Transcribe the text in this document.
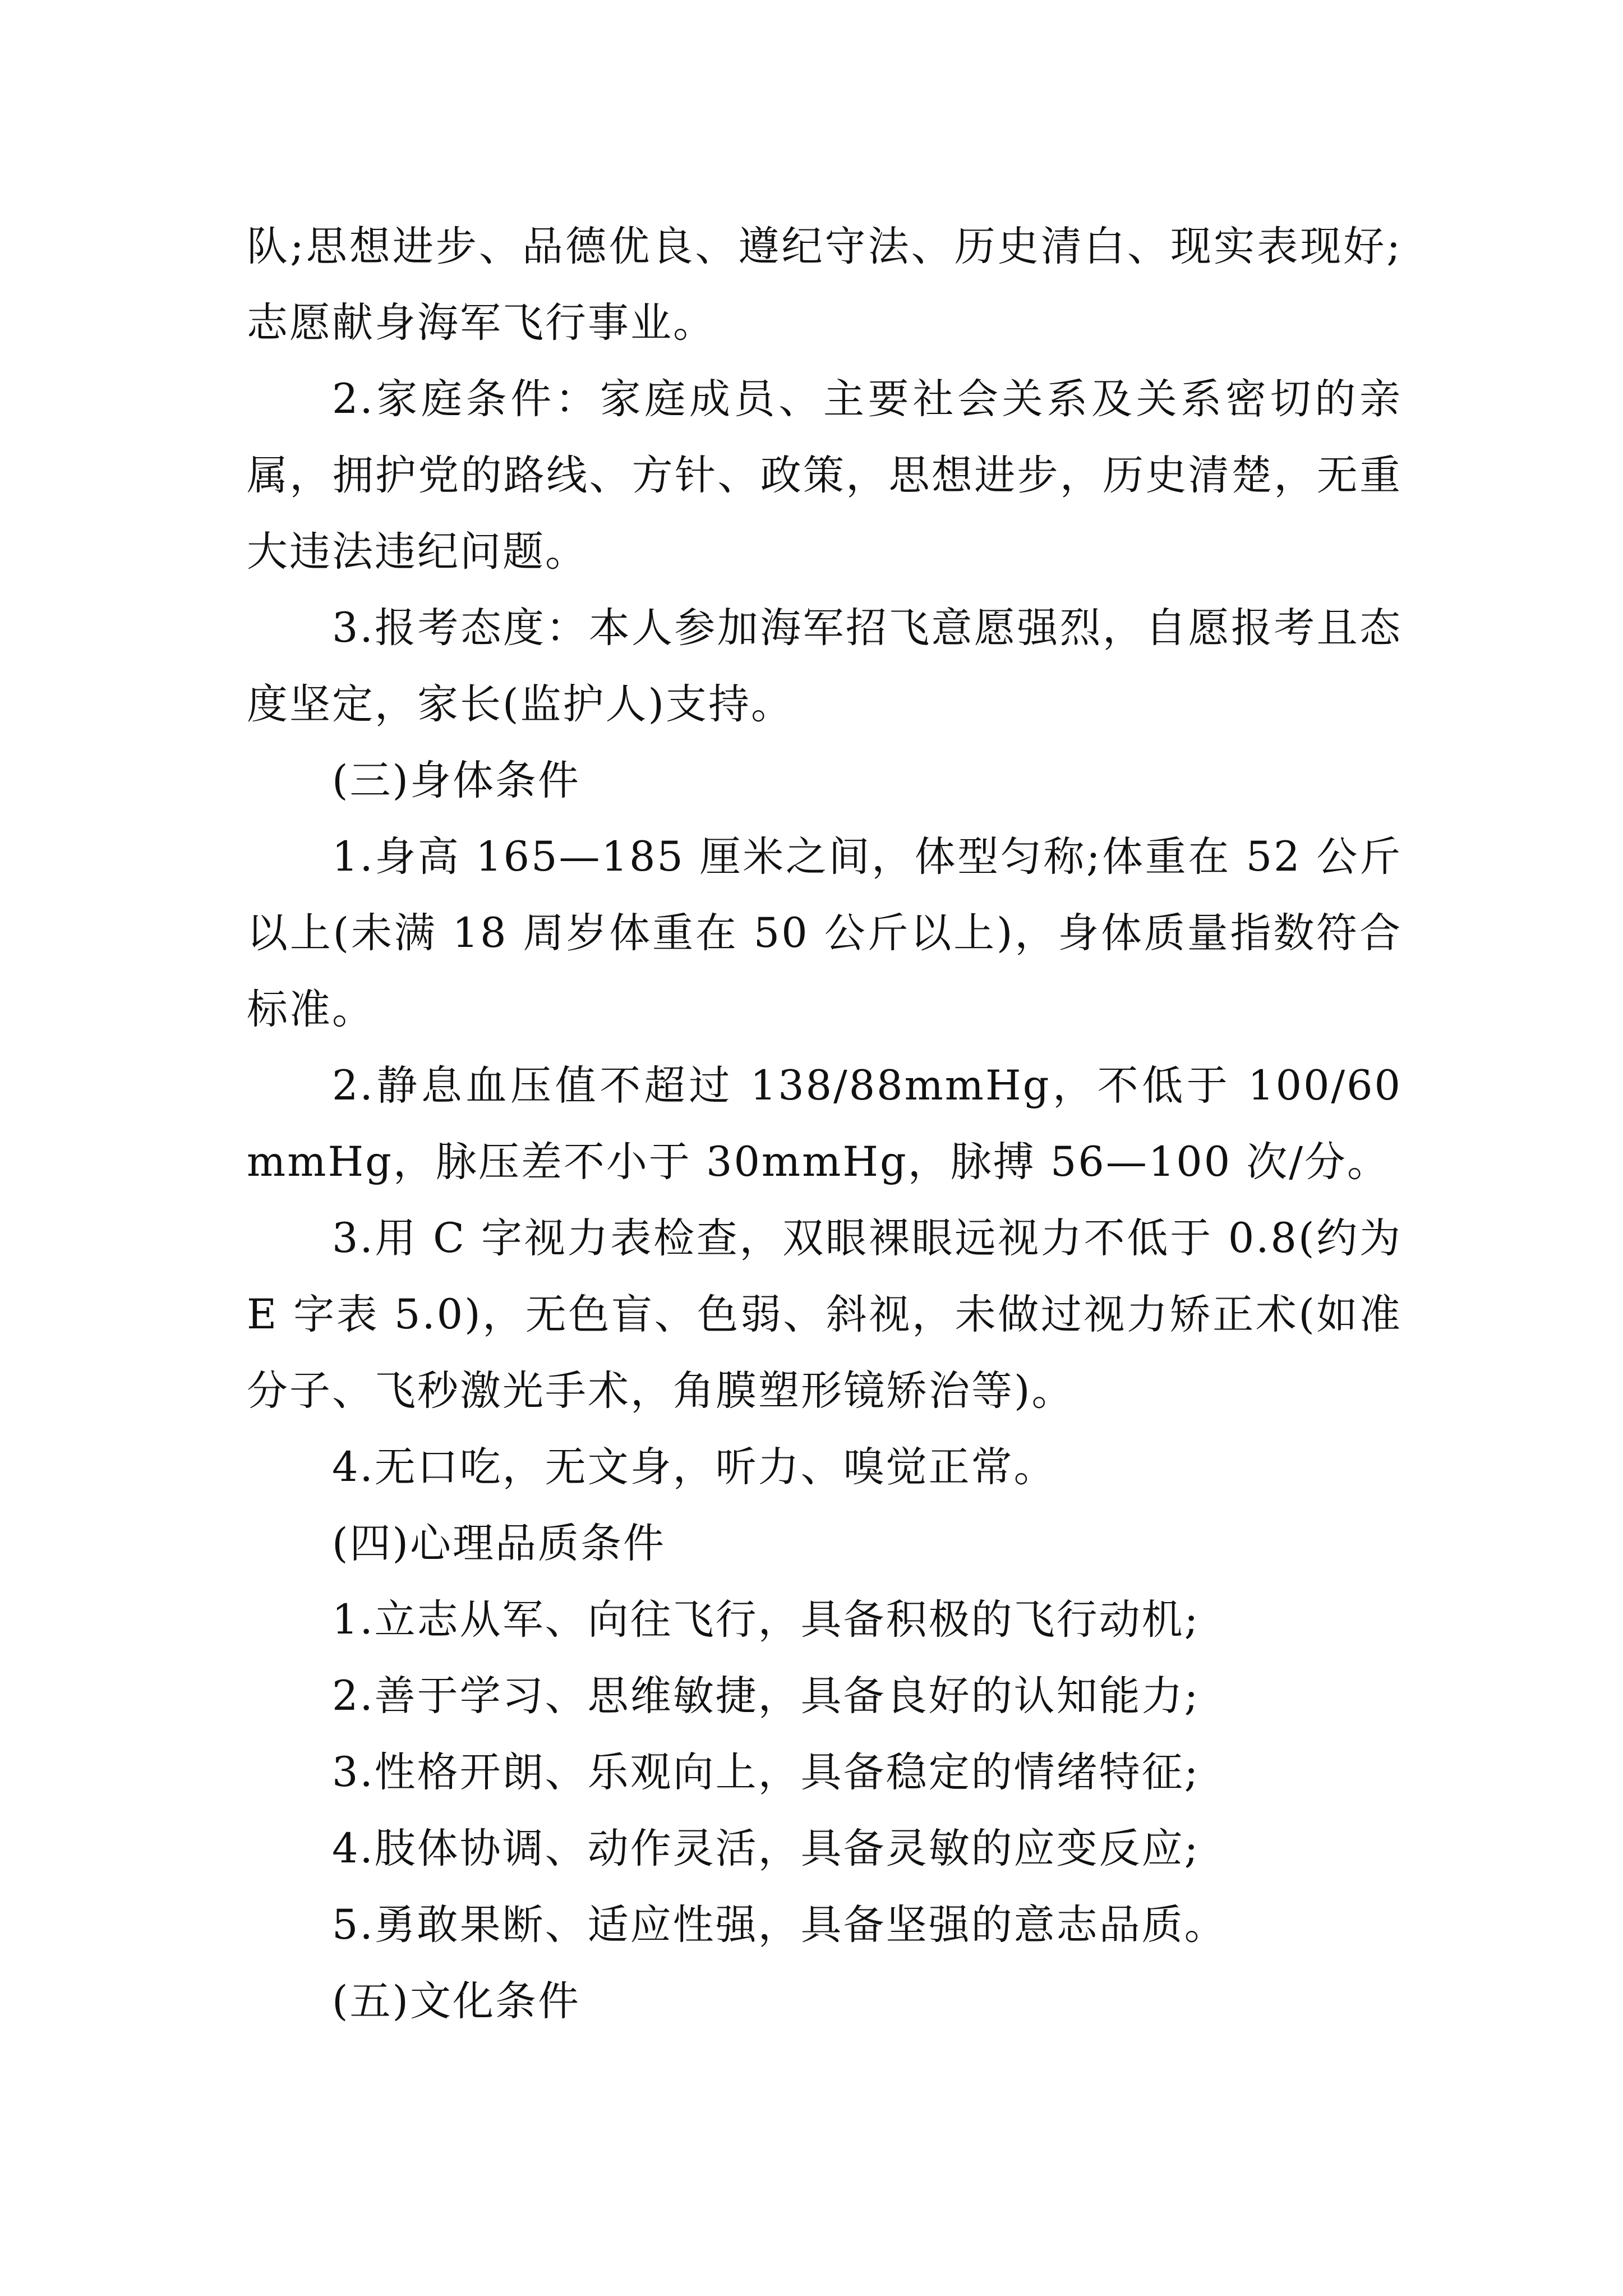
队;思想进步、品德优良、遵纪守法、历史清白、现实表现好;志愿献身海军飞行事业。

2.家庭条件：家庭成员、主要社会关系及关系密切的亲属，拥护党的路线、方针、政策，思想进步，历史清楚，无重大违法违纪问题。

3.报考态度：本人参加海军招飞意愿强烈，自愿报考且态度坚定，家长(监护人)支持。

(三)身体条件

1.身高 165—185 厘米之间，体型匀称;体重在 52 公斤以上(未满 18 周岁体重在 50 公斤以上)，身体质量指数符合标准。

2.静息血压值不超过 138/88mmHg，不低于 100/60mmHg，脉压差不小于 30mmHg，脉搏 56—100 次/分。

3.用 C 字视力表检查，双眼裸眼远视力不低于 0.8(约为 E 字表 5.0)，无色盲、色弱、斜视，未做过视力矫正术(如准分子、飞秒激光手术，角膜塑形镜矫治等)。

4.无口吃，无文身，听力、嗅觉正常。

(四)心理品质条件

1.立志从军、向往飞行，具备积极的飞行动机;

2.善于学习、思维敏捷，具备良好的认知能力;

3.性格开朗、乐观向上，具备稳定的情绪特征;

4.肢体协调、动作灵活，具备灵敏的应变反应;

5.勇敢果断、适应性强，具备坚强的意志品质。

(五)文化条件
